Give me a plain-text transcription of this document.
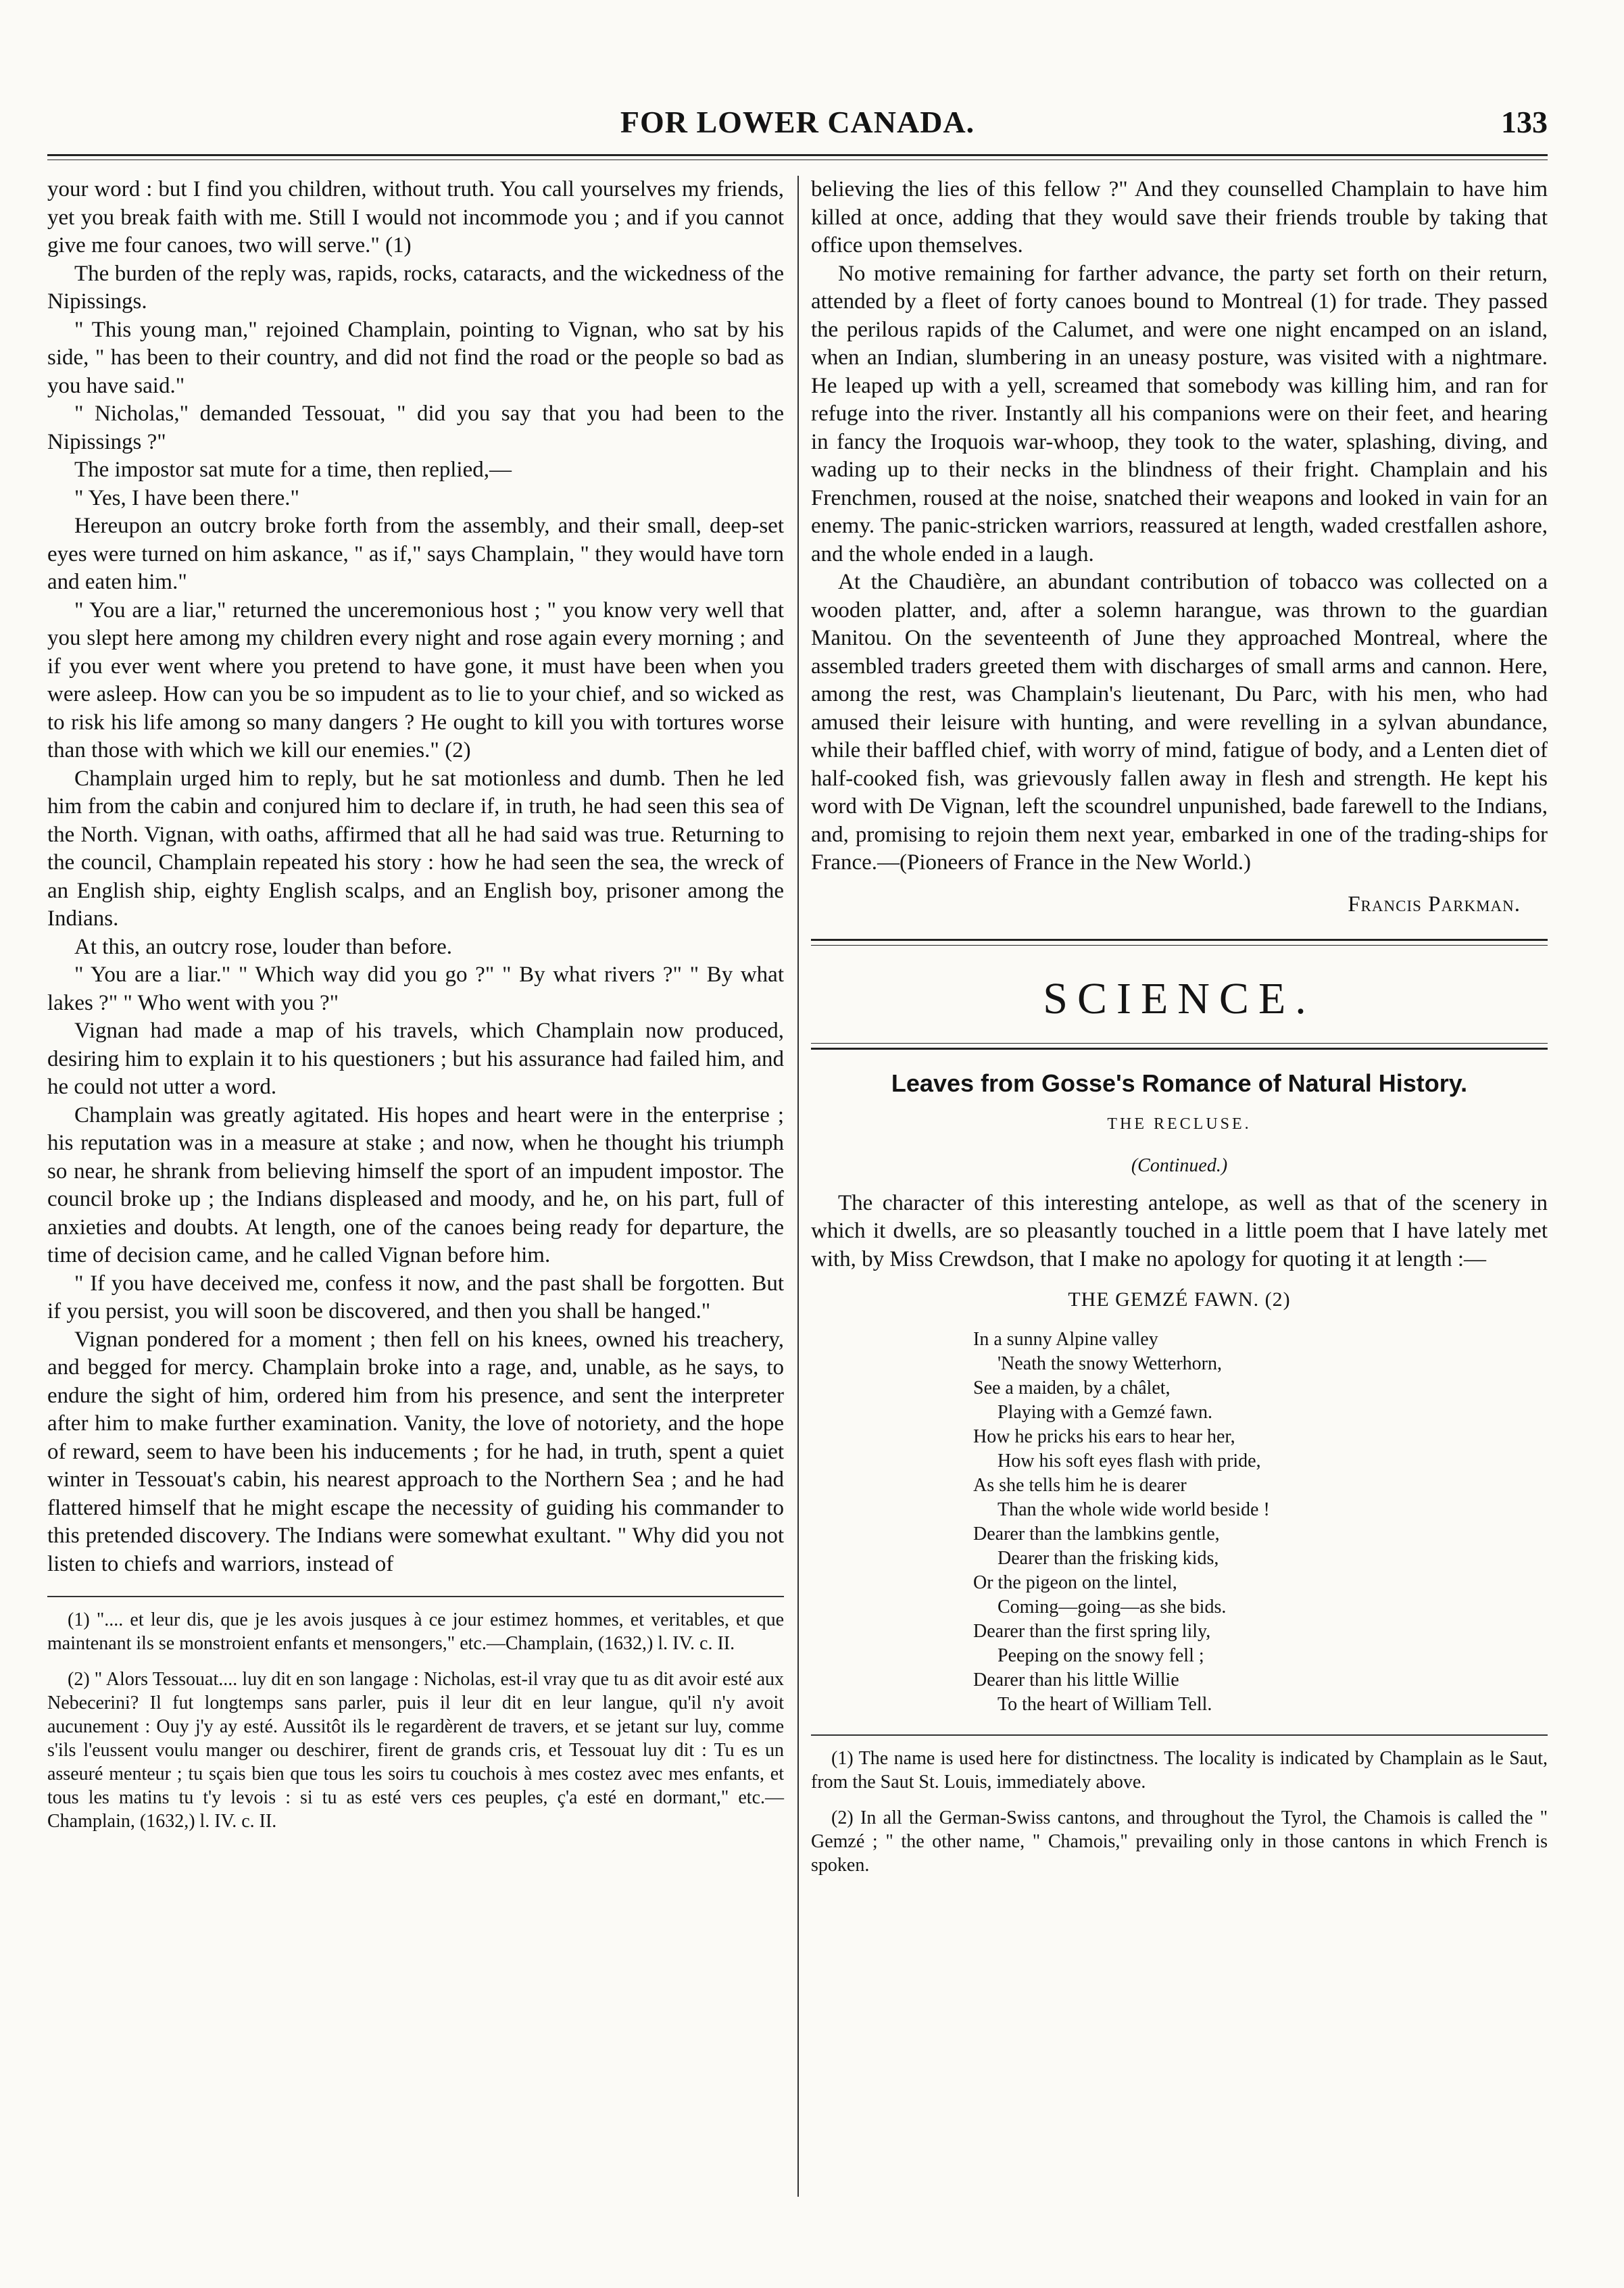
FOR LOWER CANADA.	133

your word : but I find you children, without truth. You call yourselves my friends, yet you break faith with me. Still I would not incommode you ; and if you cannot give me four canoes, two will serve." (1)

The burden of the reply was, rapids, rocks, cataracts, and the wickedness of the Nipissings.

" This young man," rejoined Champlain, pointing to Vignan, who sat by his side, " has been to their country, and did not find the road or the people so bad as you have said."

" Nicholas," demanded Tessouat, " did you say that you had been to the Nipissings ?"

The impostor sat mute for a time, then replied,—

" Yes, I have been there."

Hereupon an outcry broke forth from the assembly, and their small, deep-set eyes were turned on him askance, " as if," says Champlain, " they would have torn and eaten him."

" You are a liar," returned the unceremonious host ; " you know very well that you slept here among my children every night and rose again every morning ; and if you ever went where you pretend to have gone, it must have been when you were asleep. How can you be so impudent as to lie to your chief, and so wicked as to risk his life among so many dangers ? He ought to kill you with tortures worse than those with which we kill our enemies." (2)

Champlain urged him to reply, but he sat motionless and dumb. Then he led him from the cabin and conjured him to declare if, in truth, he had seen this sea of the North. Vignan, with oaths, affirmed that all he had said was true. Returning to the council, Champlain repeated his story : how he had seen the sea, the wreck of an English ship, eighty English scalps, and an English boy, prisoner among the Indians.

At this, an outcry rose, louder than before.

" You are a liar." " Which way did you go ?" " By what rivers ?" " By what lakes ?" " Who went with you ?"

Vignan had made a map of his travels, which Champlain now produced, desiring him to explain it to his questioners ; but his assurance had failed him, and he could not utter a word.

Champlain was greatly agitated. His hopes and heart were in the enterprise ; his reputation was in a measure at stake ; and now, when he thought his triumph so near, he shrank from believing himself the sport of an impudent impostor. The council broke up ; the Indians displeased and moody, and he, on his part, full of anxieties and doubts. At length, one of the canoes being ready for departure, the time of decision came, and he called Vignan before him.

" If you have deceived me, confess it now, and the past shall be forgotten. But if you persist, you will soon be discovered, and then you shall be hanged."

Vignan pondered for a moment ; then fell on his knees, owned his treachery, and begged for mercy. Champlain broke into a rage, and, unable, as he says, to endure the sight of him, ordered him from his presence, and sent the interpreter after him to make further examination. Vanity, the love of notoriety, and the hope of reward, seem to have been his inducements ; for he had, in truth, spent a quiet winter in Tessouat's cabin, his nearest approach to the Northern Sea ; and he had flattered himself that he might escape the necessity of guiding his commander to this pretended discovery. The Indians were somewhat exultant. " Why did you not listen to chiefs and warriors, instead of

(1) ".... et leur dis, que je les avois jusques à ce jour estimez hommes, et veritables, et que maintenant ils se monstroient enfants et mensongers," etc.—Champlain, (1632,) l. IV. c. II.

(2) " Alors Tessouat.... luy dit en son langage : Nicholas, est-il vray que tu as dit avoir esté aux Nebecerini? Il fut longtemps sans parler, puis il leur dit en leur langue, qu'il n'y avoit aucunement : Ouy j'y ay esté. Aussitôt ils le regardèrent de travers, et se jetant sur luy, comme s'ils l'eussent voulu manger ou deschirer, firent de grands cris, et Tessouat luy dit : Tu es un asseuré menteur ; tu sçais bien que tous les soirs tu couchois à mes costez avec mes enfants, et tous les matins tu t'y levois : si tu as esté vers ces peuples, ç'a esté en dormant," etc.— Champlain, (1632,) l. IV. c. II.

believing the lies of this fellow ?" And they counselled Champlain to have him killed at once, adding that they would save their friends trouble by taking that office upon themselves.

No motive remaining for farther advance, the party set forth on their return, attended by a fleet of forty canoes bound to Montreal (1) for trade. They passed the perilous rapids of the Calumet, and were one night encamped on an island, when an Indian, slumbering in an uneasy posture, was visited with a nightmare. He leaped up with a yell, screamed that somebody was killing him, and ran for refuge into the river. Instantly all his companions were on their feet, and hearing in fancy the Iroquois war-whoop, they took to the water, splashing, diving, and wading up to their necks in the blindness of their fright. Champlain and his Frenchmen, roused at the noise, snatched their weapons and looked in vain for an enemy. The panic-stricken warriors, reassured at length, waded crestfallen ashore, and the whole ended in a laugh.

At the Chaudière, an abundant contribution of tobacco was collected on a wooden platter, and, after a solemn harangue, was thrown to the guardian Manitou. On the seventeenth of June they approached Montreal, where the assembled traders greeted them with discharges of small arms and cannon. Here, among the rest, was Champlain's lieutenant, Du Parc, with his men, who had amused their leisure with hunting, and were revelling in a sylvan abundance, while their baffled chief, with worry of mind, fatigue of body, and a Lenten diet of half-cooked fish, was grievously fallen away in flesh and strength. He kept his word with De Vignan, left the scoundrel unpunished, bade farewell to the Indians, and, promising to rejoin them next year, embarked in one of the trading-ships for France.—(Pioneers of France in the New World.)

Francis Parkman.

SCIENCE.
Leaves from Gosse's Romance of Natural History.
THE RECLUSE.
(Continued.)

The character of this interesting antelope, as well as that of the scenery in which it dwells, are so pleasantly touched in a little poem that I have lately met with, by Miss Crewdson, that I make no apology for quoting it at length :—

THE GEMZÉ FAWN. (2)
In a sunny Alpine valley
'Neath the snowy Wetterhorn,
See a maiden, by a châlet,
Playing with a Gemzé fawn.
How he pricks his ears to hear her,
How his soft eyes flash with pride,
As she tells him he is dearer
Than the whole wide world beside !
Dearer than the lambkins gentle,
Dearer than the frisking kids,
Or the pigeon on the lintel,
Coming—going—as she bids.
Dearer than the first spring lily,
Peeping on the snowy fell ;
Dearer than his little Willie
To the heart of William Tell.

(1) The name is used here for distinctness. The locality is indicated by Champlain as le Saut, from the Saut St. Louis, immediately above.

(2) In all the German-Swiss cantons, and throughout the Tyrol, the Chamois is called the " Gemzé ; " the other name, " Chamois," prevailing only in those cantons in which French is spoken.
